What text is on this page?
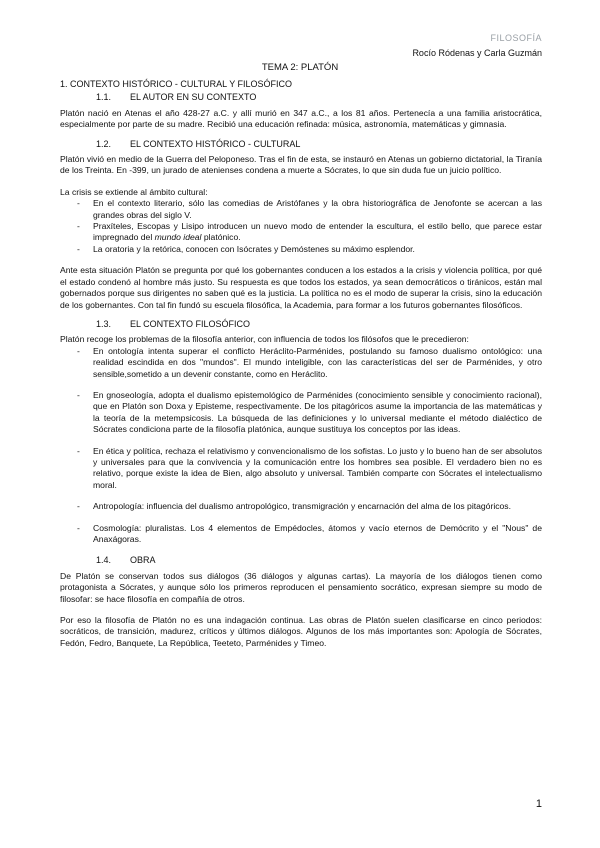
FILOSOFÍA
Rocío Ródenas y Carla Guzmán
TEMA 2: PLATÓN
1. CONTEXTO HISTÓRICO - CULTURAL Y FILOSÓFICO
1.1.	EL AUTOR EN SU CONTEXTO

Platón nació en Atenas el año 428-27 a.C. y allí murió en 347 a.C., a los 81 años. Pertenecía a una familia aristocrática, especialmente por parte de su madre. Recibió una educación refinada: música, astronomía, matemáticas y gimnasia.

1.2.	EL CONTEXTO HISTÓRICO - CULTURAL

Platón vivió en medio de la Guerra del Peloponeso. Tras el fin de esta, se instauró en Atenas un gobierno dictatorial, la Tiranía de los Treinta. En -399, un jurado de atenienses condena a muerte a Sócrates, lo que sin duda fue un juicio político.

La crisis se extiende al ámbito cultural:

- En el contexto literario, sólo las comedias de Aristófanes y la obra historiográfica de Jenofonte se acercan a las grandes obras del siglo V.
- Praxíteles, Escopas y Lisipo introducen un nuevo modo de entender la escultura, el estilo bello, que parece estar impregnado del mundo ideal platónico.
- La oratoria y la retórica, conocen con Isócrates y Demóstenes su máximo esplendor.

Ante esta situación Platón se pregunta por qué los gobernantes conducen a los estados a la crisis y violencia política, por qué el estado condenó al hombre más justo. Su respuesta es que todos los estados, ya sean democráticos o tiránicos, están mal gobernados porque sus dirigentes no saben qué es la justicia. La política no es el modo de superar la crisis, sino la educación de los gobernantes. Con tal fin fundó su escuela filosófica, la Academia, para formar a los futuros gobernantes filosóficos.

1.3.	EL CONTEXTO FILOSÓFICO

Platón recoge los problemas de la filosofía anterior, con influencia de todos los filósofos que le precedieron:

- En ontología intenta superar el conflicto Heráclito-Parménides, postulando su famoso dualismo ontológico: una realidad escindida en dos "mundos". El mundo inteligible, con las características del ser de Parménides, y otro sensible,sometido a un devenir constante, como en Heráclito.
- En gnoseología, adopta el dualismo epistemológico de Parménides (conocimiento sensible y conocimiento racional), que en Platón son Doxa y Episteme, respectivamente. De los pitagóricos asume la importancia de las matemáticas y la teoría de la metempsicosis. La búsqueda de las definiciones y lo universal mediante el método dialéctico de Sócrates condiciona parte de la filosofía platónica, aunque sustituya los conceptos por las ideas.
- En ética y política, rechaza el relativismo y convencionalismo de los sofistas. Lo justo y lo bueno han de ser absolutos y universales para que la convivencia y la comunicación entre los hombres sea posible. El verdadero bien no es relativo, porque existe la idea de Bien, algo absoluto y universal. También comparte con Sócrates el intelectualismo moral.
- Antropología: influencia del dualismo antropológico, transmigración y encarnación del alma de los pitagóricos.
- Cosmología: pluralistas. Los 4 elementos de Empédocles, átomos y vacío eternos de Demócrito y el "Nous" de Anaxágoras.
1.4.	OBRA

De Platón se conservan todos sus diálogos (36 diálogos y algunas cartas). La mayoría de los diálogos tienen como protagonista a Sócrates, y aunque sólo los primeros reproducen el pensamiento socrático, expresan siempre su modo de filosofar: se hace filosofía en compañía de otros.

Por eso la filosofía de Platón no es una indagación continua. Las obras de Platón suelen clasificarse en cinco periodos: socráticos, de transición, madurez, críticos y últimos diálogos. Algunos de los más importantes son: Apología de Sócrates, Fedón, Fedro, Banquete, La República, Teeteto, Parménides y Timeo.

1
